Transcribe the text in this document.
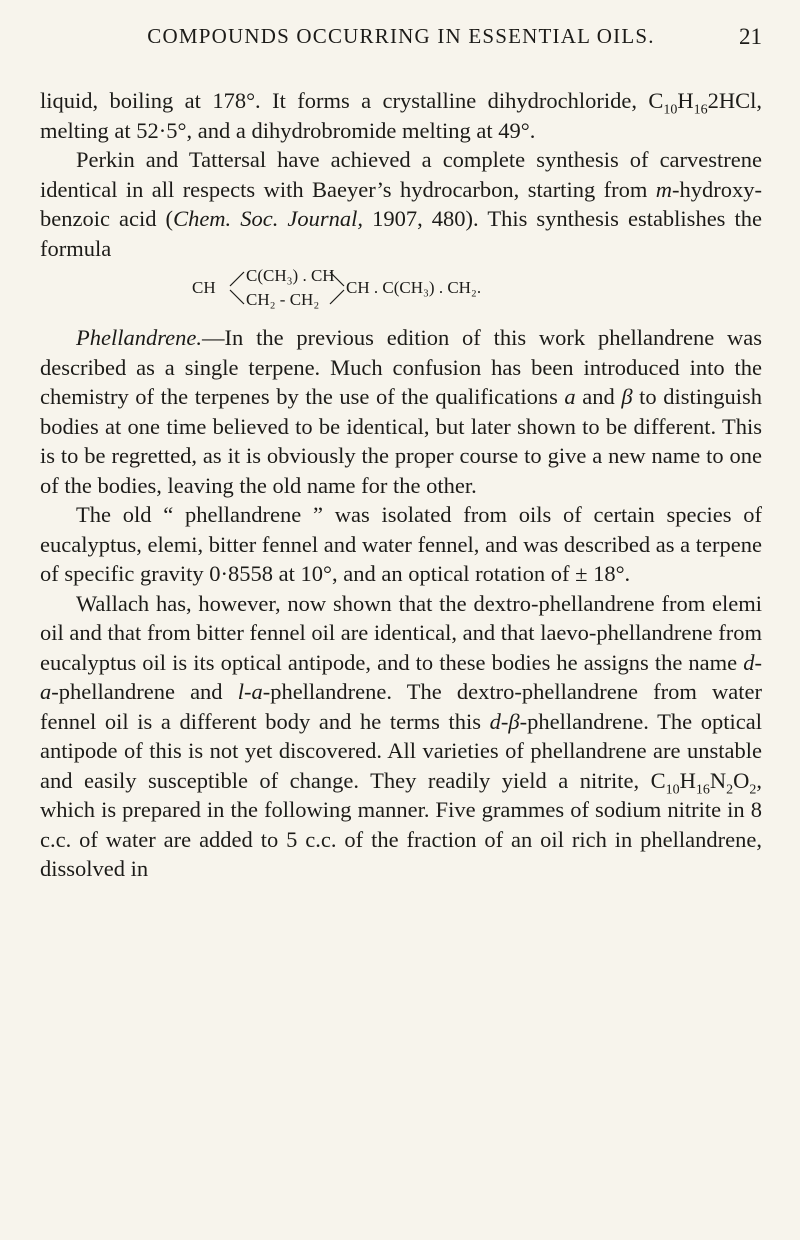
COMPOUNDS OCCURRING IN ESSENTIAL OILS.	21

liquid, boiling at 178°. It forms a crystalline dihydrochloride, $C_{10}H_{16}2HCl$, melting at 52·5°, and a dihydrobromide melting at 49°.

Perkin and Tattersal have achieved a complete synthesis of carvestrene identical in all respects with Baeyer’s hydrocarbon, starting from m-hydroxy-benzoic acid (Chem. Soc. Journal, 1907, 480). This synthesis establishes the formula

CH
C(CH₃) . CH
CH₂ - CH₂
CH . C(CH₃) . CH₂.

Phellandrene.—In the previous edition of this work phellandrene was described as a single terpene. Much confusion has been introduced into the chemistry of the terpenes by the use of the qualifications a and β to distinguish bodies at one time believed to be identical, but later shown to be different. This is to be regretted, as it is obviously the proper course to give a new name to one of the bodies, leaving the old name for the other.

The old “ phellandrene ” was isolated from oils of certain species of eucalyptus, elemi, bitter fennel and water fennel, and was described as a terpene of specific gravity 0·8558 at 10°, and an optical rotation of ± 18°.

Wallach has, however, now shown that the dextro-phellandrene from elemi oil and that from bitter fennel oil are identical, and that laevo-phellandrene from eucalyptus oil is its optical antipode, and to these bodies he assigns the name d-a-phellandrene and l-a-phellandrene. The dextro-phellandrene from water fennel oil is a different body and he terms this d-β-phellandrene. The optical antipode of this is not yet discovered. All varieties of phellandrene are unstable and easily susceptible of change. They readily yield a nitrite, $C_{10}H_{16}N_2O_2$, which is prepared in the following manner. Five grammes of sodium nitrite in 8 c.c. of water are added to 5 c.c. of the fraction of an oil rich in phellandrene, dissolved in
